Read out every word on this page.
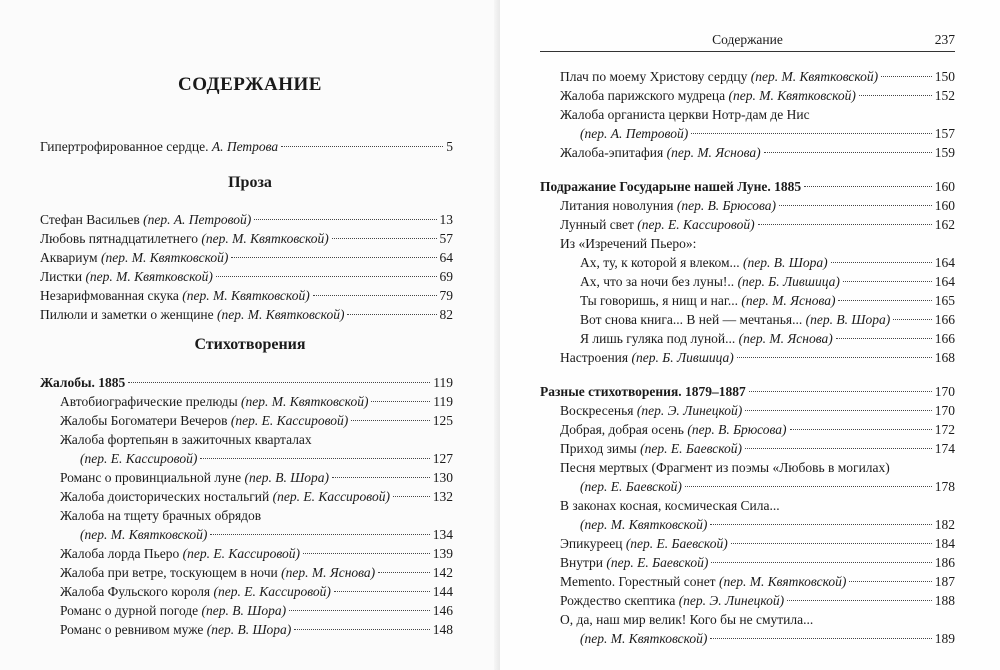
СОДЕРЖАНИЕ
Гипертрофированное сердце. А. Петрова	5
Проза
Стефан Васильев (пер. А. Петровой)	13
Любовь пятнадцатилетнего (пер. М. Квятковской)	57
Аквариум (пер. М. Квятковской)	64
Листки (пер. М. Квятковской)	69
Незарифмованная скука (пер. М. Квятковской)	79
Пилюли и заметки о женщине (пер. М. Квятковской)	82
Стихотворения
Жалобы. 1885	119
Автобиографические прелюды (пер. М. Квятковской)	119
Жалобы Богоматери Вечеров (пер. Е. Кассировой)	125
Жалоба фортепьян в зажиточных кварталах
(пер. Е. Кассировой)	127
Романс о провинциальной луне (пер. В. Шора)	130
Жалоба доисторических ностальгий (пер. Е. Кассировой)	132
Жалоба на тщету брачных обрядов
(пер. М. Квятковской)	134
Жалоба лорда Пьеро (пер. Е. Кассировой)	139
Жалоба при ветре, тоскующем в ночи (пер. М. Яснова)	142
Жалоба Фульского короля (пер. Е. Кассировой)	144
Романс о дурной погоде (пер. В. Шора)	146
Романс о ревнивом муже (пер. В. Шора)	148
Содержание	237
Плач по моему Христову сердцу (пер. М. Квятковской)	150
Жалоба парижского мудреца (пер. М. Квятковской)	152
Жалоба органиста церкви Нотр-дам де Нис
(пер. А. Петровой)	157
Жалоба-эпитафия (пер. М. Яснова)	159
Подражание Государыне нашей Луне. 1885	160
Литания новолуния (пер. В. Брюсова)	160
Лунный свет (пер. Е. Кассировой)	162
Из «Изречений Пьеро»:
Ах, ту, к которой я влеком... (пер. В. Шора)	164
Ах, что за ночи без луны!.. (пер. Б. Лившица)	164
Ты говоришь, я нищ и наг... (пер. М. Яснова)	165
Вот снова книга... В ней — мечтанья... (пер. В. Шора)	166
Я лишь гуляка под луной... (пер. М. Яснова)	166
Настроения (пер. Б. Лившица)	168
Разные стихотворения. 1879–1887	170
Воскресенья (пер. Э. Линецкой)	170
Добрая, добрая осень (пер. В. Брюсова)	172
Приход зимы (пер. Е. Баевской)	174
Песня мертвых (Фрагмент из поэмы «Любовь в могилах)
(пер. Е. Баевской)	178
В законах косная, космическая Сила...
(пер. М. Квятковской)	182
Эпикуреец (пер. Е. Баевской)	184
Внутри (пер. Е. Баевской)	186
Memento. Горестный сонет (пер. М. Квятковской)	187
Рождество скептика (пер. Э. Линецкой)	188
О, да, наш мир велик! Кого бы не смутила...
(пер. М. Квятковской)	189
